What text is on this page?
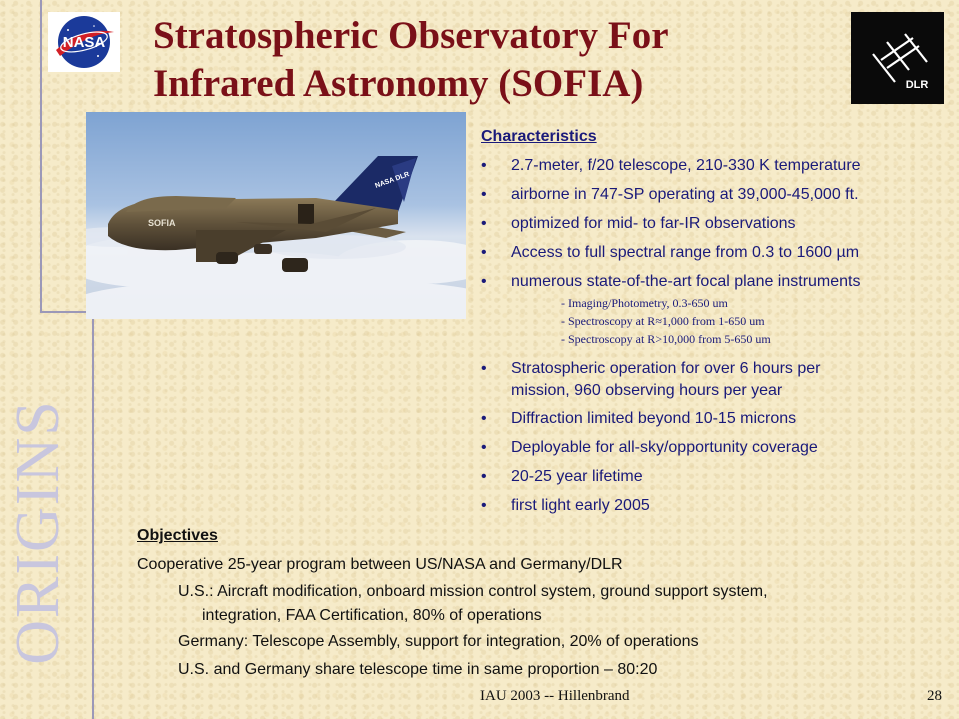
ORIGINS
NASA
DLR
Stratospheric Observatory For
Infrared Astronomy (SOFIA)
SOFIA
NASA DLR
Characteristics
• 2.7-meter, f/20 telescope, 210-330 K temperature
• airborne in 747-SP operating at 39,000-45,000 ft.
• optimized for mid- to far-IR observations
• Access to full spectral range from 0.3 to 1600 µm
• numerous state-of-the-art focal plane instruments
- Imaging/Photometry, 0.3-650 um
- Spectroscopy at R≈1,000 from 1-650 um
- Spectroscopy at R>10,000 from 5-650 um
• Stratospheric operation for over 6 hours per
mission, 960 observing hours per year
• Diffraction limited beyond 10-15 microns
• Deployable for all-sky/opportunity coverage
• 20-25 year lifetime
• first light early 2005
Objectives
Cooperative 25-year program between US/NASA and Germany/DLR
U.S.: Aircraft modification, onboard mission control system, ground support system,
integration, FAA Certification, 80% of operations
Germany: Telescope Assembly, support for integration, 20% of operations
U.S. and Germany share telescope time in same proportion – 80:20
IAU 2003 -- Hillenbrand	28
